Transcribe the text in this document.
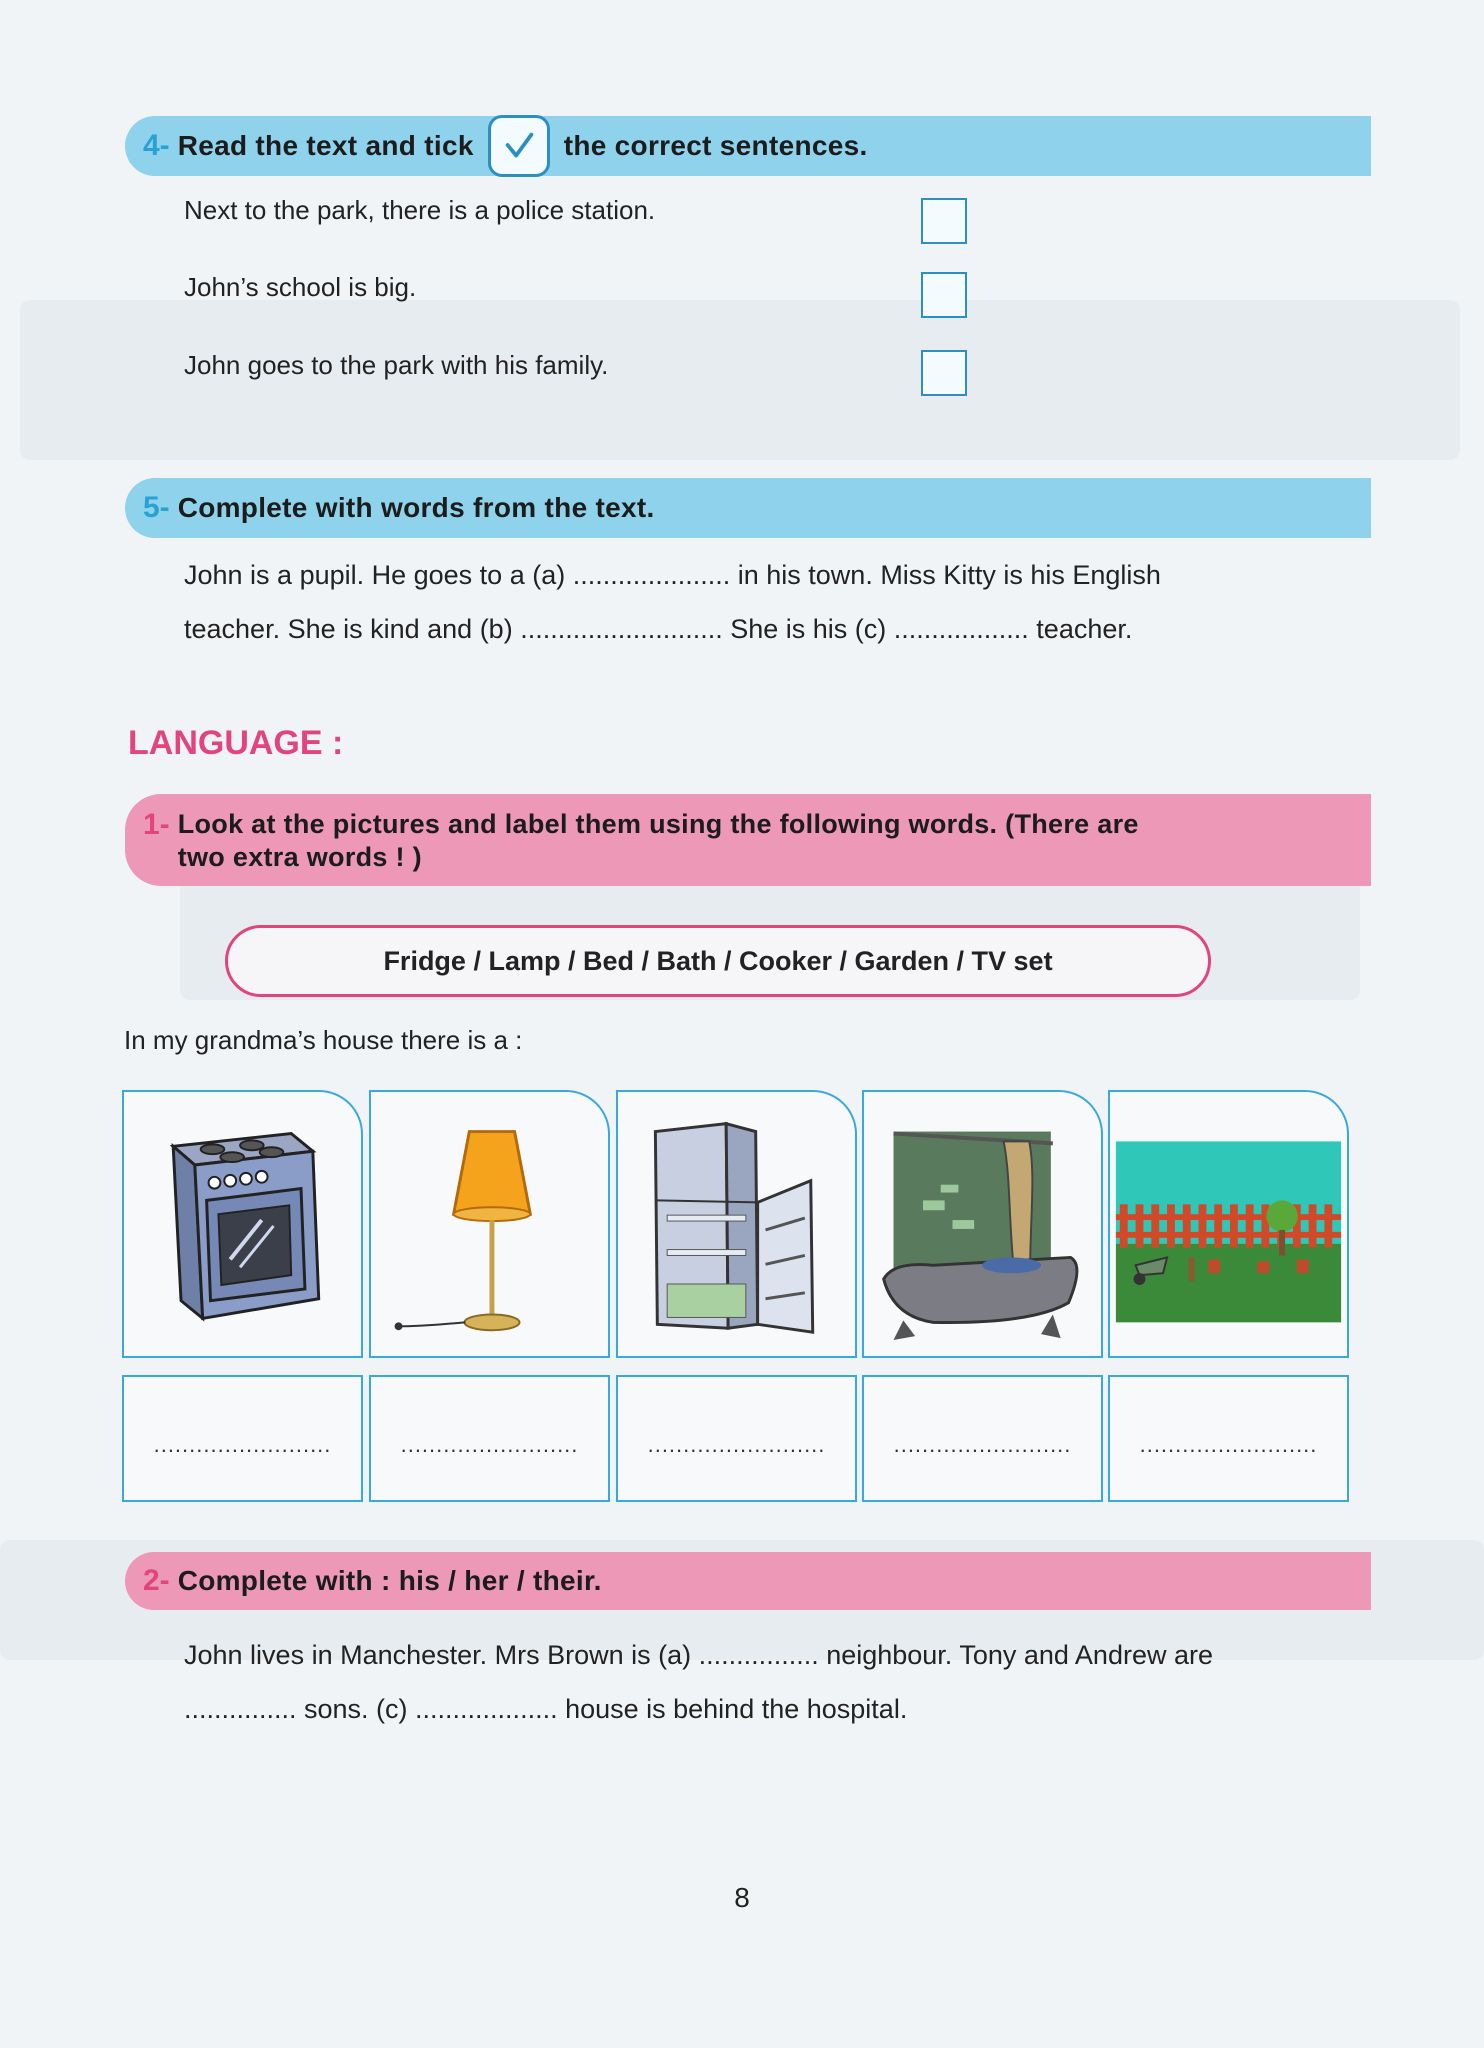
4- Read the text and tick	the correct sentences.
Next to the park, there is a police station.
John’s school is big.
John goes to the park with his family.
5- Complete with words from the text.
John is a pupil. He goes to a (a) ..................... in his town. Miss Kitty is his English
teacher. She is kind and (b) ........................... She is his (c) .................. teacher.
LANGUAGE :
1- Look at the pictures and label them using the following words. (There are
two extra words ! )
Fridge / Lamp / Bed / Bath / Cooker / Garden / TV set
In my grandma’s house there is a :
.........................	.........................	.........................	.........................	.........................
2- Complete with : his / her / their.
John lives in Manchester. Mrs Brown is (a) ................ neighbour. Tony and Andrew are
............... sons. (c) ................... house is behind the hospital.
8
